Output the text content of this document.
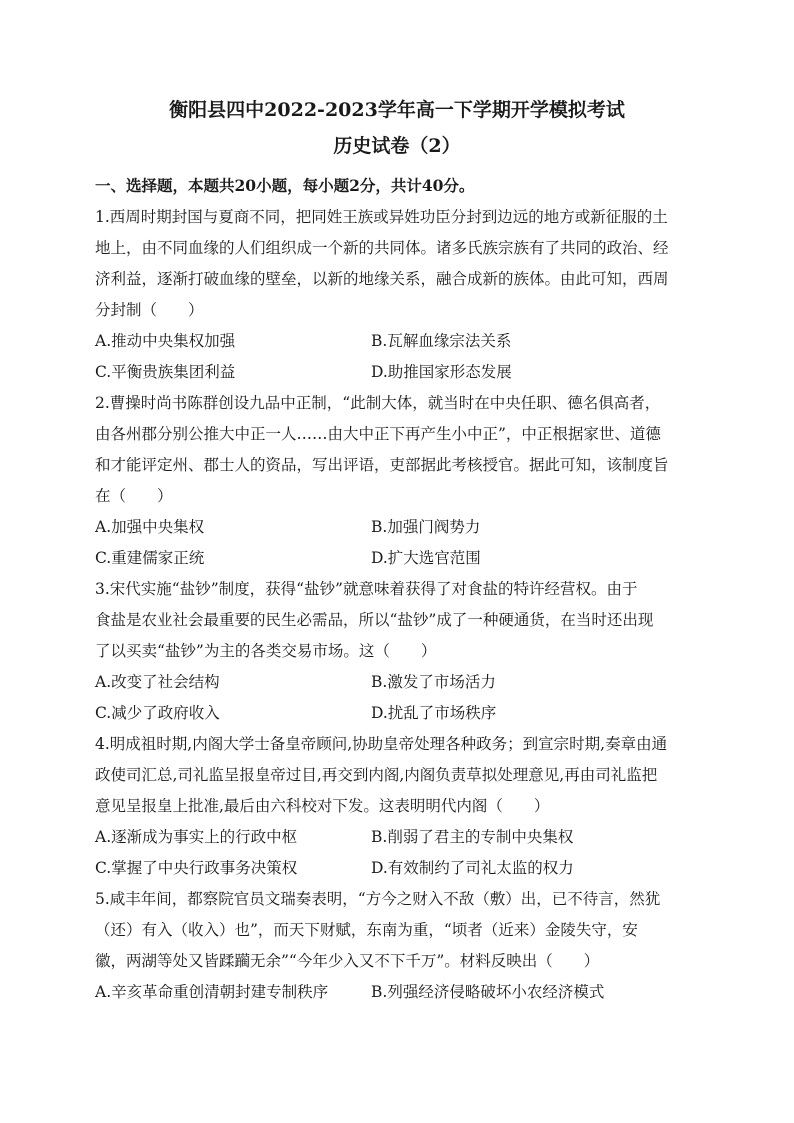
衡阳县四中2022-2023学年高一下学期开学模拟考试
历史试卷（2）

一、选择题，本题共20小题，每小题2分，共计40分。

1.西周时期封国与夏商不同，把同姓王族或异姓功臣分封到边远的地方或新征服的土

地上，由不同血缘的人们组织成一个新的共同体。诸多氏族宗族有了共同的政治、经

济利益，逐渐打破血缘的壁垒，以新的地缘关系，融合成新的族体。由此可知，西周

分封制（　　）

A.推动中央集权加强	B.瓦解血缘宗法关系

C.平衡贵族集团利益	D.助推国家形态发展

2.曹操时尚书陈群创设九品中正制，“此制大体，就当时在中央任职、德名俱高者，

由各州郡分别公推大中正一人……由大中正下再产生小中正”，中正根据家世、道德

和才能评定州、郡士人的资品，写出评语，吏部据此考核授官。据此可知，该制度旨

在（　　）

A.加强中央集权	B.加强门阀势力

C.重建儒家正统	D.扩大选官范围

3.宋代实施“盐钞”制度，获得“盐钞”就意味着获得了对食盐的特许经营权。由于

食盐是农业社会最重要的民生必需品，所以“盐钞”成了一种硬通货，在当时还出现

了以买卖“盐钞”为主的各类交易市场。这（　　）

A.改变了社会结构	B.激发了市场活力

C.减少了政府收入	D.扰乱了市场秩序

4.明成祖时期,内阁大学士备皇帝顾问,协助皇帝处理各种政务；到宣宗时期,奏章由通

政使司汇总,司礼监呈报皇帝过目,再交到内阁,内阁负责草拟处理意见,再由司礼监把

意见呈报皇上批准,最后由六科校对下发。这表明明代内阁（　　）

A.逐渐成为事实上的行政中枢	B.削弱了君主的专制中央集权

C.掌握了中央行政事务决策权	D.有效制约了司礼太监的权力

5.咸丰年间，都察院官员文瑞奏表明，“方今之财入不敌（敷）出，已不待言，然犹

（还）有入（收入）也”，而天下财赋，东南为重，“顷者（近来）金陵失守，安

徽，两湖等处又皆蹂躏无余”“今年少入又不下千万”。材料反映出（　　）

A.辛亥革命重创清朝封建专制秩序	B.列强经济侵略破坏小农经济模式
